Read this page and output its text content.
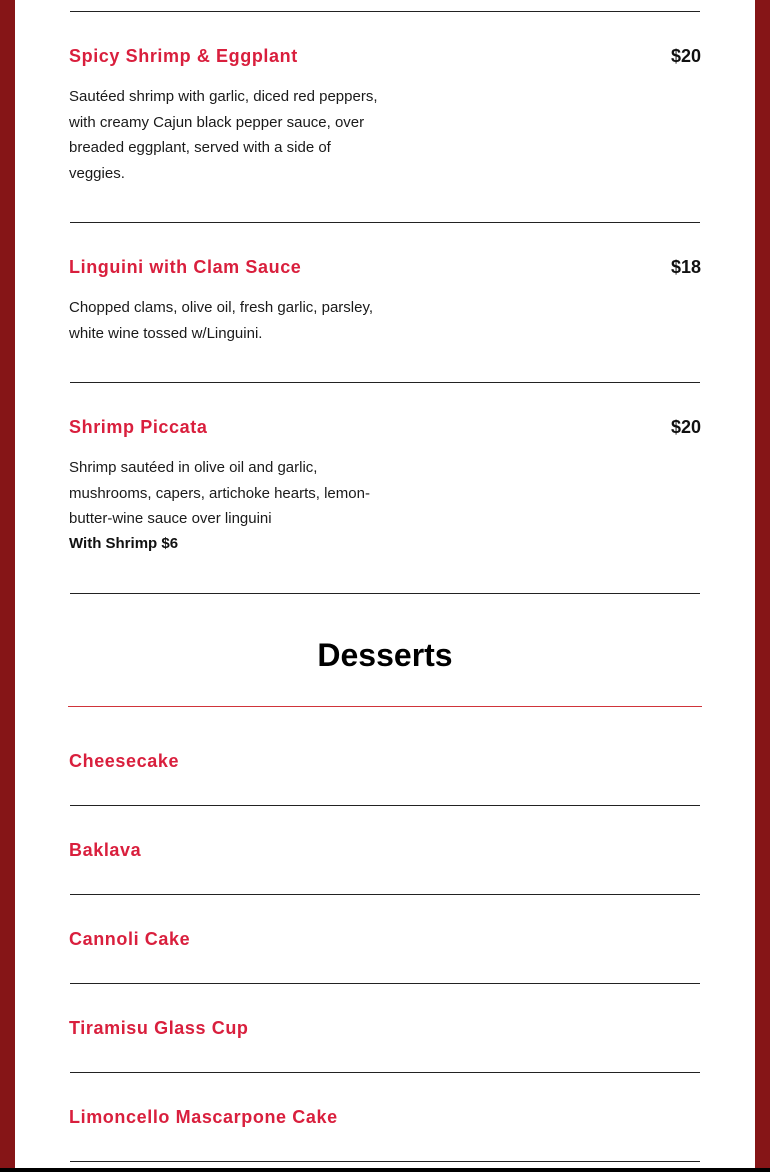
Spicy Shrimp & Eggplant	$20
Sautéed shrimp with garlic, diced red peppers, with creamy Cajun black pepper sauce, over breaded eggplant, served with a side of veggies.
Linguini with Clam Sauce	$18
Chopped clams, olive oil, fresh garlic, parsley, white wine tossed w/Linguini.
Shrimp Piccata	$20
Shrimp sautéed in olive oil and garlic, mushrooms, capers, artichoke hearts, lemon-butter-wine sauce over linguini
With Shrimp $6
Desserts
Cheesecake
Baklava
Cannoli Cake
Tiramisu Glass Cup
Limoncello Mascarpone Cake
